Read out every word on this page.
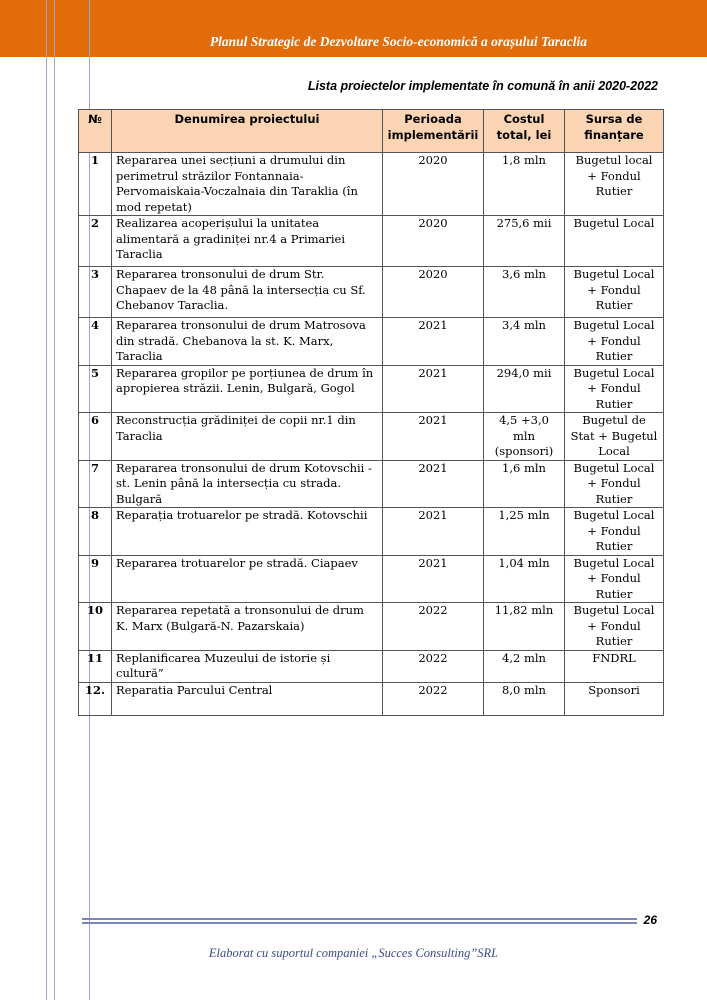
Planul Strategic de Dezvoltare Socio-economică a orașului Taraclia
Lista proiectelor implementate în comună în anii 2020-2022
№	Denumirea proiectului	Perioada implementării	Costul total, lei	Sursa de finanțare
1	Repararea unei secțiuni a drumului din perimetrul străzilor Fontannaia-Pervomaiskaia-Voczalnaia din Taraklia (în mod repetat)	2020	1,8 mln	Bugetul local + Fondul Rutier
2	Realizarea acoperișului la unitatea alimentară a gradiniței nr.4 a Primariei Taraclia	2020	275,6 mii	Bugetul Local
3	Repararea tronsonului de drum Str. Chapaev de la 48 până la intersecția cu Sf. Chebanov Taraclia.	2020	3,6 mln	Bugetul Local + Fondul Rutier
4	Repararea tronsonului de drum Matrosova din stradă. Chebanova la st. K. Marx, Taraclia	2021	3,4 mln	Bugetul Local + Fondul Rutier
5	Repararea gropilor pe porțiunea de drum în apropierea străzii. Lenin, Bulgară, Gogol	2021	294,0 mii	Bugetul Local + Fondul Rutier
6	Reconstrucția grădiniței de copii nr.1 din Taraclia	2021	4,5 +3,0 mln (sponsori)	Bugetul de Stat + Bugetul Local
7	Repararea tronsonului de drum Kotovschii - st. Lenin până la intersecția cu strada. Bulgară	2021	1,6 mln	Bugetul Local + Fondul Rutier
8	Reparația trotuarelor pe stradă. Kotovschii	2021	1,25 mln	Bugetul Local + Fondul Rutier
9	Repararea trotuarelor pe stradă. Ciapaev	2021	1,04 mln	Bugetul Local + Fondul Rutier
10	Repararea repetată a tronsonului de drum K. Marx (Bulgară-N. Pazarskaia)	2022	11,82 mln	Bugetul Local + Fondul Rutier
11	Replanificarea Muzeului de istorie și cultură”	2022	4,2 mln	FNDRL
12.	Reparatia Parcului Central	2022	8,0 mln	Sponsori
26
Elaborat cu suportul companiei „Succes Consulting”SRL
